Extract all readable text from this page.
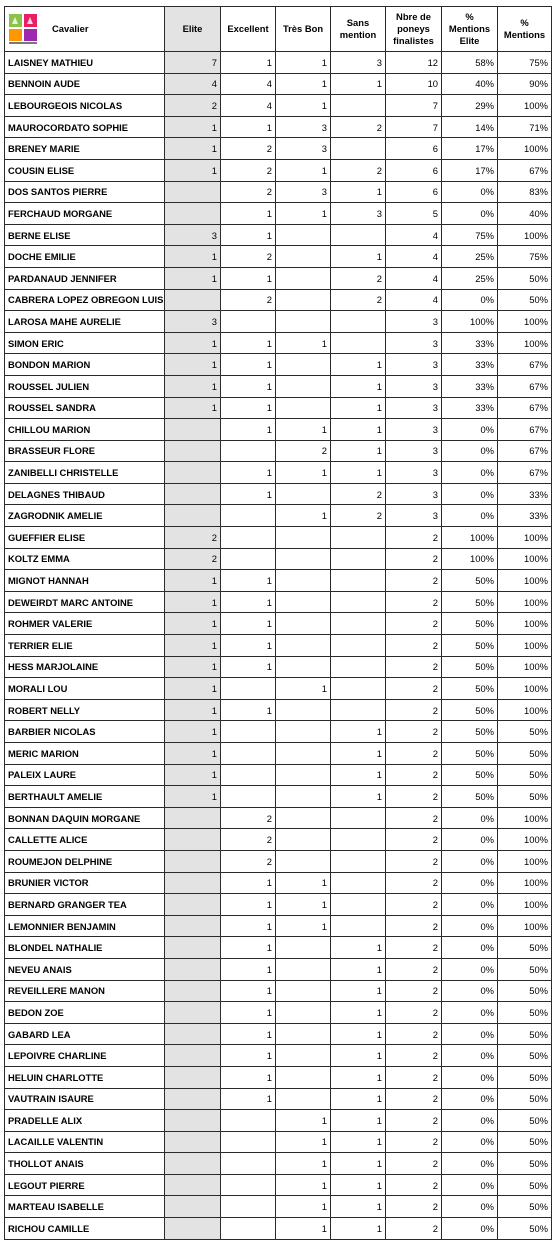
Cavalier	Elite	Excellent	Très Bon	Sans mention	Nbre de poneys finalistes	% Mentions Elite	% Mentions
LAISNEY MATHIEU	7	1	1	3	12	58%	75%
BENNOIN AUDE	4	4	1	1	10	40%	90%
LEBOURGEOIS NICOLAS	2	4	1		7	29%	100%
MAUROCORDATO SOPHIE	1	1	3	2	7	14%	71%
BRENEY MARIE	1	2	3		6	17%	100%
COUSIN ELISE	1	2	1	2	6	17%	67%
DOS SANTOS PIERRE		2	3	1	6	0%	83%
FERCHAUD MORGANE		1	1	3	5	0%	40%
BERNE ELISE	3	1			4	75%	100%
DOCHE EMILIE	1	2		1	4	25%	75%
PARDANAUD JENNIFER	1	1		2	4	25%	50%
CABRERA LOPEZ OBREGON LUIS		2		2	4	0%	50%
LAROSA MAHE AURELIE	3				3	100%	100%
SIMON ERIC	1	1	1		3	33%	100%
BONDON MARION	1	1		1	3	33%	67%
ROUSSEL JULIEN	1	1		1	3	33%	67%
ROUSSEL SANDRA	1	1		1	3	33%	67%
CHILLOU MARION		1	1	1	3	0%	67%
BRASSEUR FLORE			2	1	3	0%	67%
ZANIBELLI CHRISTELLE		1	1	1	3	0%	67%
DELAGNES THIBAUD		1		2	3	0%	33%
ZAGRODNIK AMELIE			1	2	3	0%	33%
GUEFFIER ELISE	2				2	100%	100%
KOLTZ EMMA	2				2	100%	100%
MIGNOT HANNAH	1	1			2	50%	100%
DEWEIRDT MARC ANTOINE	1	1			2	50%	100%
ROHMER VALERIE	1	1			2	50%	100%
TERRIER ELIE	1	1			2	50%	100%
HESS MARJOLAINE	1	1			2	50%	100%
MORALI LOU	1		1		2	50%	100%
ROBERT NELLY	1	1			2	50%	100%
BARBIER NICOLAS	1			1	2	50%	50%
MERIC MARION	1			1	2	50%	50%
PALEIX LAURE	1			1	2	50%	50%
BERTHAULT AMELIE	1			1	2	50%	50%
BONNAN DAQUIN MORGANE		2			2	0%	100%
CALLETTE ALICE		2			2	0%	100%
ROUMEJON DELPHINE		2			2	0%	100%
BRUNIER VICTOR		1	1		2	0%	100%
BERNARD GRANGER TEA		1	1		2	0%	100%
LEMONNIER BENJAMIN		1	1		2	0%	100%
BLONDEL NATHALIE		1		1	2	0%	50%
NEVEU ANAIS		1		1	2	0%	50%
REVEILLERE MANON		1		1	2	0%	50%
BEDON ZOE		1		1	2	0%	50%
GABARD LEA		1		1	2	0%	50%
LEPOIVRE CHARLINE		1		1	2	0%	50%
HELUIN CHARLOTTE		1		1	2	0%	50%
VAUTRAIN ISAURE		1		1	2	0%	50%
PRADELLE ALIX			1	1	2	0%	50%
LACAILLE VALENTIN			1	1	2	0%	50%
THOLLOT ANAIS			1	1	2	0%	50%
LEGOUT PIERRE			1	1	2	0%	50%
MARTEAU ISABELLE			1	1	2	0%	50%
RICHOU CAMILLE			1	1	2	0%	50%
